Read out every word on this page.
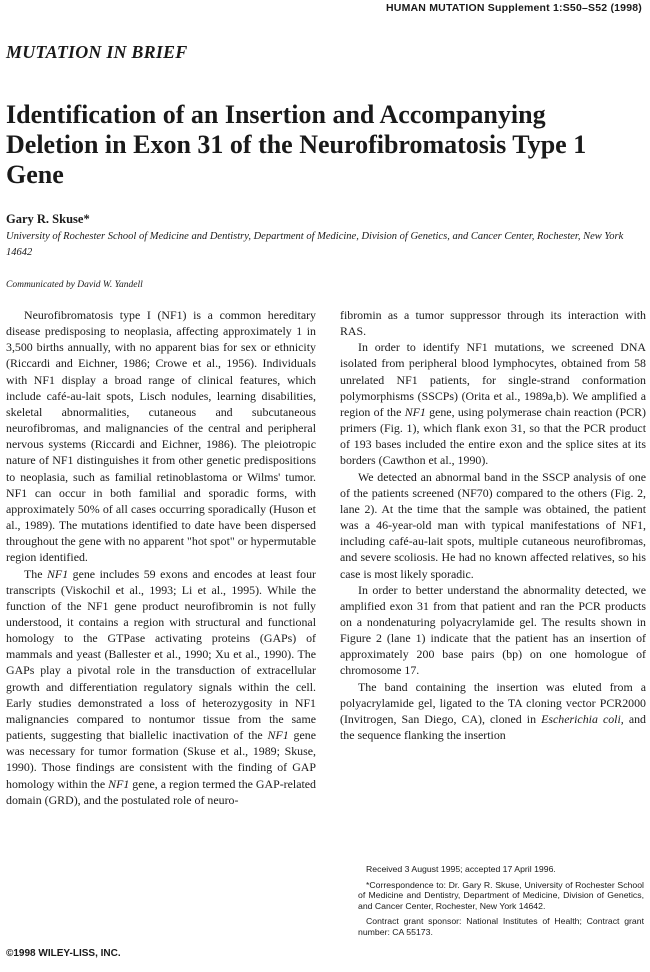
HUMAN MUTATION Supplement 1:S50–S52 (1998)
MUTATION IN BRIEF
Identification of an Insertion and Accompanying Deletion in Exon 31 of the Neurofibromatosis Type 1 Gene
Gary R. Skuse*
University of Rochester School of Medicine and Dentistry, Department of Medicine, Division of Genetics, and Cancer Center, Rochester, New York 14642
Communicated by David W. Yandell

Neurofibromatosis type I (NF1) is a common hereditary disease predisposing to neoplasia, affecting approximately 1 in 3,500 births annually, with no apparent bias for sex or ethnicity (Riccardi and Eichner, 1986; Crowe et al., 1956). Individuals with NF1 display a broad range of clinical features, which include café-au-lait spots, Lisch nodules, learning disabilities, skeletal abnormalities, cutaneous and subcutaneous neurofibromas, and malignancies of the central and peripheral nervous systems (Riccardi and Eichner, 1986). The pleiotropic nature of NF1 distinguishes it from other genetic predispositions to neoplasia, such as familial retinoblastoma or Wilms' tumor. NF1 can occur in both familial and sporadic forms, with approximately 50% of all cases occurring sporadically (Huson et al., 1989). The mutations identified to date have been dispersed throughout the gene with no apparent "hot spot" or hypermutable region identified.

The NF1 gene includes 59 exons and encodes at least four transcripts (Viskochil et al., 1993; Li et al., 1995). While the function of the NF1 gene product neurofibromin is not fully understood, it contains a region with structural and functional homology to the GTPase activating proteins (GAPs) of mammals and yeast (Ballester et al., 1990; Xu et al., 1990). The GAPs play a pivotal role in the transduction of extracellular growth and differentiation regulatory signals within the cell. Early studies demonstrated a loss of heterozygosity in NF1 malignancies compared to nontumor tissue from the same patients, suggesting that biallelic inactivation of the NF1 gene was necessary for tumor formation (Skuse et al., 1989; Skuse, 1990). Those findings are consistent with the finding of GAP homology within the NF1 gene, a region termed the GAP-related domain (GRD), and the postulated role of neuro-

fibromin as a tumor suppressor through its interaction with RAS.

In order to identify NF1 mutations, we screened DNA isolated from peripheral blood lymphocytes, obtained from 58 unrelated NF1 patients, for single-strand conformation polymorphisms (SSCPs) (Orita et al., 1989a,b). We amplified a region of the NF1 gene, using polymerase chain reaction (PCR) primers (Fig. 1), which flank exon 31, so that the PCR product of 193 bases included the entire exon and the splice sites at its borders (Cawthon et al., 1990).

We detected an abnormal band in the SSCP analysis of one of the patients screened (NF70) compared to the others (Fig. 2, lane 2). At the time that the sample was obtained, the patient was a 46-year-old man with typical manifestations of NF1, including café-au-lait spots, multiple cutaneous neurofibromas, and severe scoliosis. He had no known affected relatives, so his case is most likely sporadic.

In order to better understand the abnormality detected, we amplified exon 31 from that patient and ran the PCR products on a nondenaturing polyacrylamide gel. The results shown in Figure 2 (lane 1) indicate that the patient has an insertion of approximately 200 base pairs (bp) on one homologue of chromosome 17.

The band containing the insertion was eluted from a polyacrylamide gel, ligated to the TA cloning vector PCR2000 (Invitrogen, San Diego, CA), cloned in Escherichia coli, and the sequence flanking the insertion

Received 3 August 1995; accepted 17 April 1996.

*Correspondence to: Dr. Gary R. Skuse, University of Rochester School of Medicine and Dentistry, Department of Medicine, Division of Genetics, and Cancer Center, Rochester, New York 14642.

Contract grant sponsor: National Institutes of Health; Contract grant number: CA 55173.

©1998 WILEY-LISS, INC.
